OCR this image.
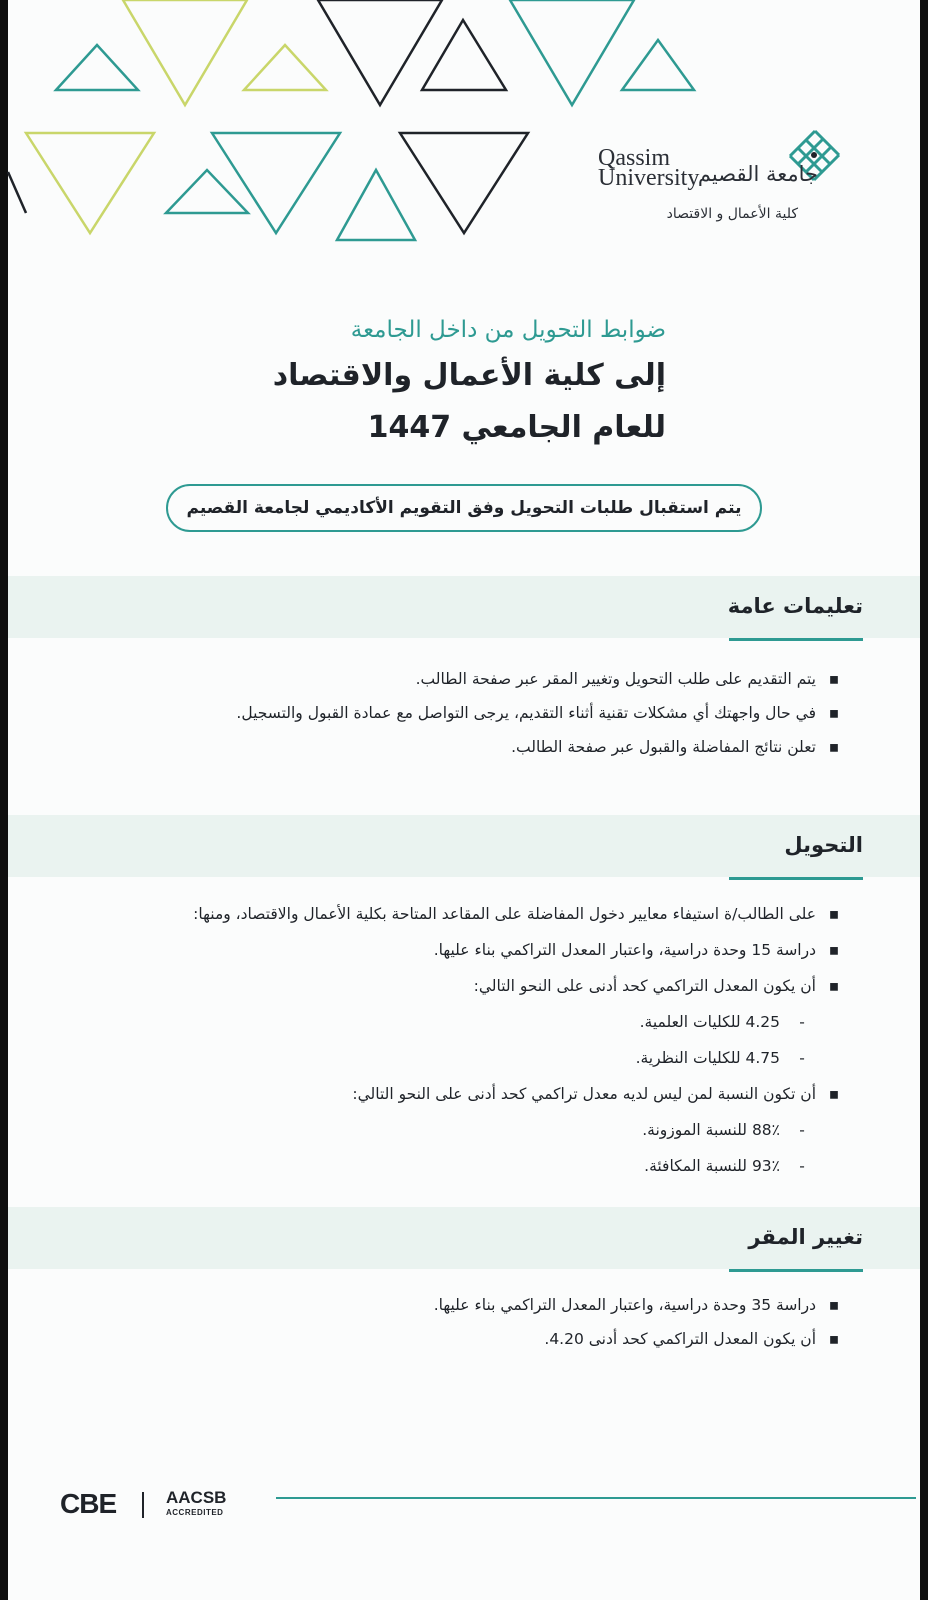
جامعة القصيم
Qassim University
كلية الأعمال و الاقتصاد
ضوابط التحويل من داخل الجامعة
إلى كلية الأعمال والاقتصاد
للعام الجامعي 1447
يتم استقبال طلبات التحويل وفق التقويم الأكاديمي لجامعة القصيم
تعليمات عامة
▪
يتم التقديم على طلب التحويل وتغيير المقر عبر صفحة الطالب.
▪
في حال واجهتك أي مشكلات تقنية أثناء التقديم، يرجى التواصل مع عمادة القبول والتسجيل.
▪
تعلن نتائج المفاضلة والقبول عبر صفحة الطالب.
التحويل
▪
على الطالب/ة استيفاء معايير دخول المفاضلة على المقاعد المتاحة بكلية الأعمال والاقتصاد، ومنها:
▪
دراسة 15 وحدة دراسية، واعتبار المعدل التراكمي بناء عليها.
▪
أن يكون المعدل التراكمي كحد أدنى على النحو التالي:
-
4.25 للكليات العلمية.
-
4.75 للكليات النظرية.
▪
أن تكون النسبة لمن ليس لديه معدل تراكمي كحد أدنى على النحو التالي:
-
88٪ للنسبة الموزونة.
-
93٪ للنسبة المكافئة.
تغيير المقر
▪
دراسة 35 وحدة دراسية، واعتبار المعدل التراكمي بناء عليها.
▪
أن يكون المعدل التراكمي كحد أدنى 4.20.
CBE	AACSB
ACCREDITED
